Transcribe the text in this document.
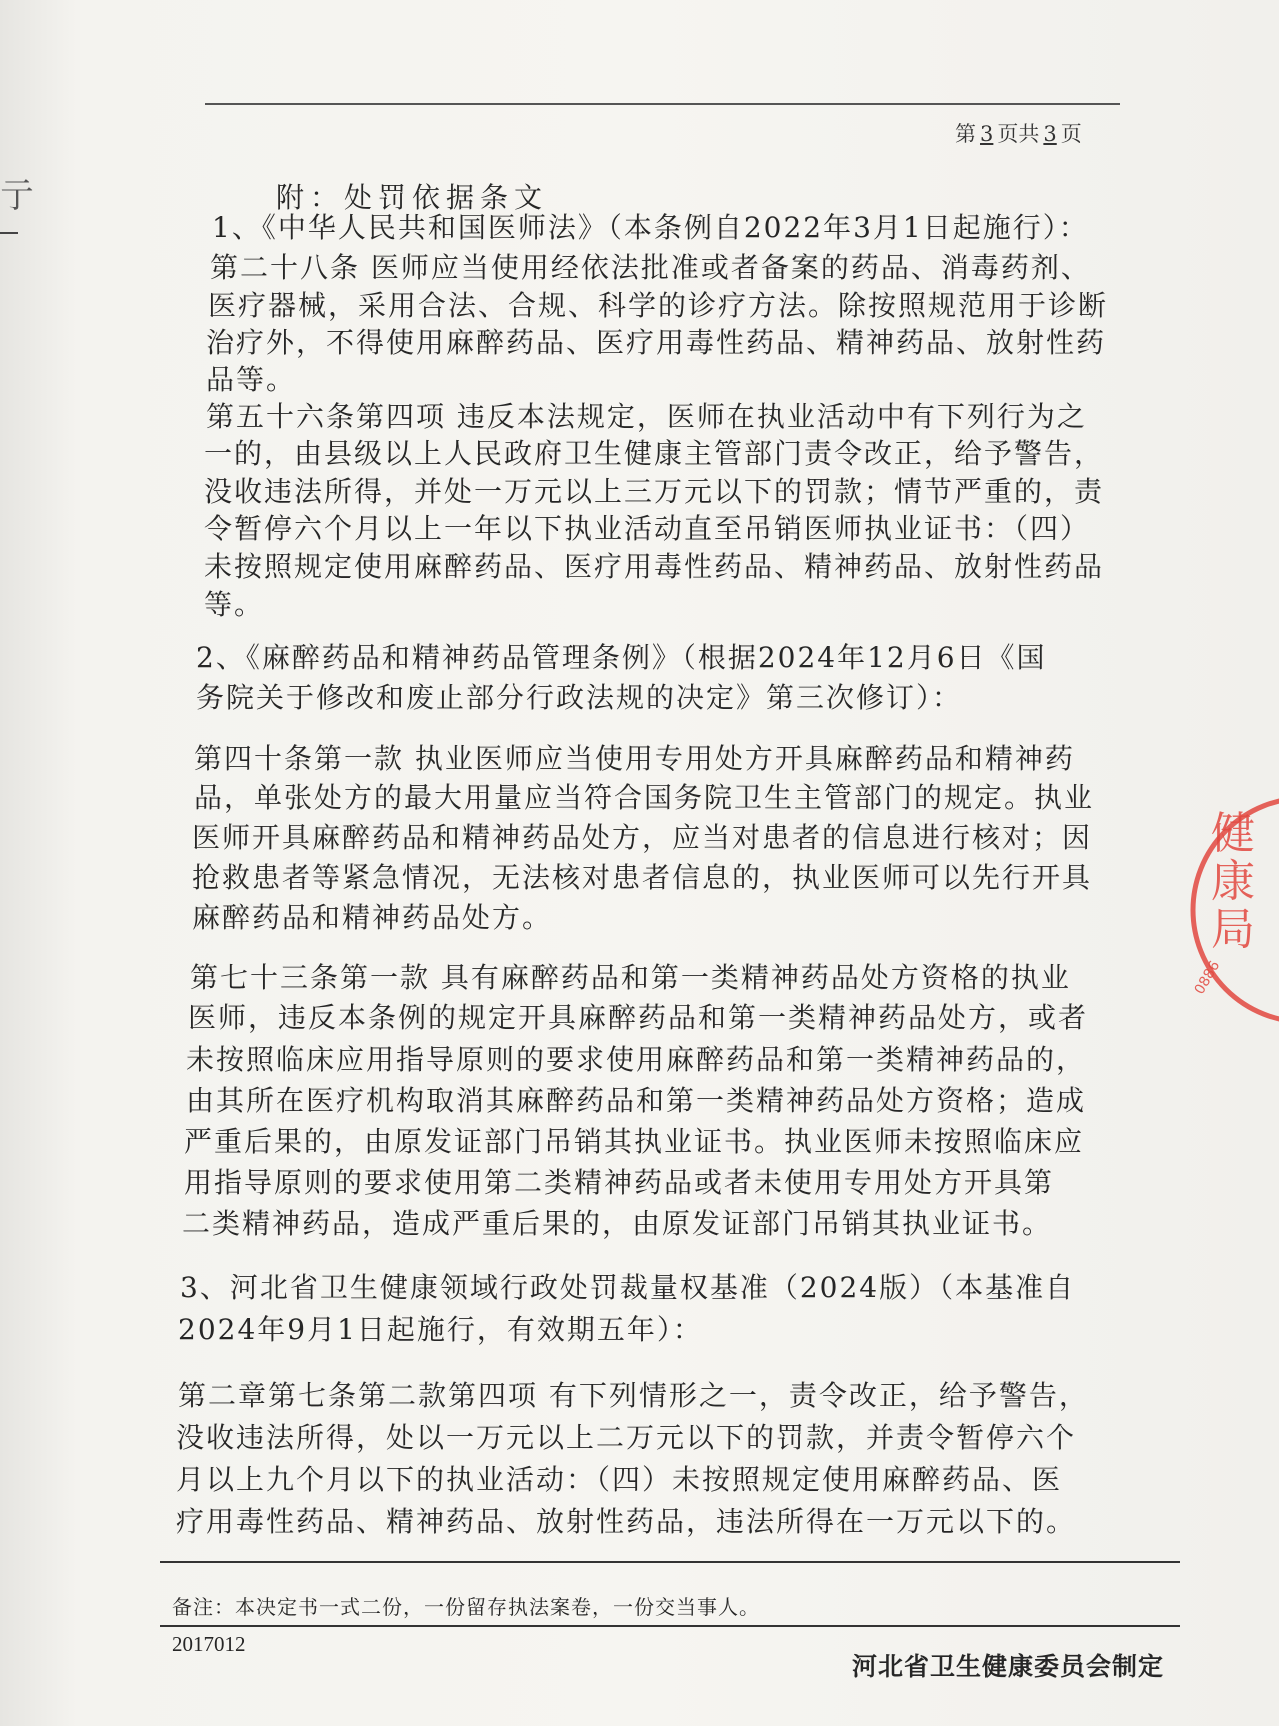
亍
第 3 页共 3 页
附：处罚依据条文
1、《中华人民共和国医师法》（本条例自2022年3月1日起施行）：
第二十八条 医师应当使用经依法批准或者备案的药品、消毒药剂、
医疗器械，采用合法、合规、科学的诊疗方法。除按照规范用于诊断
治疗外，不得使用麻醉药品、医疗用毒性药品、精神药品、放射性药
品等。
第五十六条第四项 违反本法规定，医师在执业活动中有下列行为之
一的，由县级以上人民政府卫生健康主管部门责令改正，给予警告，
没收违法所得，并处一万元以上三万元以下的罚款；情节严重的，责
令暂停六个月以上一年以下执业活动直至吊销医师执业证书：（四）
未按照规定使用麻醉药品、医疗用毒性药品、精神药品、放射性药品
等。
2、《麻醉药品和精神药品管理条例》（根据2024年12月6日《国
务院关于修改和废止部分行政法规的决定》第三次修订）：
第四十条第一款 执业医师应当使用专用处方开具麻醉药品和精神药
品，单张处方的最大用量应当符合国务院卫生主管部门的规定。执业
医师开具麻醉药品和精神药品处方，应当对患者的信息进行核对；因
抢救患者等紧急情况，无法核对患者信息的，执业医师可以先行开具
麻醉药品和精神药品处方。
第七十三条第一款 具有麻醉药品和第一类精神药品处方资格的执业
医师，违反本条例的规定开具麻醉药品和第一类精神药品处方，或者
未按照临床应用指导原则的要求使用麻醉药品和第一类精神药品的，
由其所在医疗机构取消其麻醉药品和第一类精神药品处方资格；造成
严重后果的，由原发证部门吊销其执业证书。执业医师未按照临床应
用指导原则的要求使用第二类精神药品或者未使用专用处方开具第
二类精神药品，造成严重后果的，由原发证部门吊销其执业证书。
3、河北省卫生健康领域行政处罚裁量权基准（2024版）（本基准自
2024年9月1日起施行，有效期五年）：
第二章第七条第二款第四项 有下列情形之一，责令改正，给予警告，
没收违法所得，处以一万元以上二万元以下的罚款，并责令暂停六个
月以上九个月以下的执业活动：（四）未按照规定使用麻醉药品、医
疗用毒性药品、精神药品、放射性药品，违法所得在一万元以下的。
备注：本决定书一式二份，一份留存执法案卷，一份交当事人。
2017012
河北省卫生健康委员会制定
健康局
0886
